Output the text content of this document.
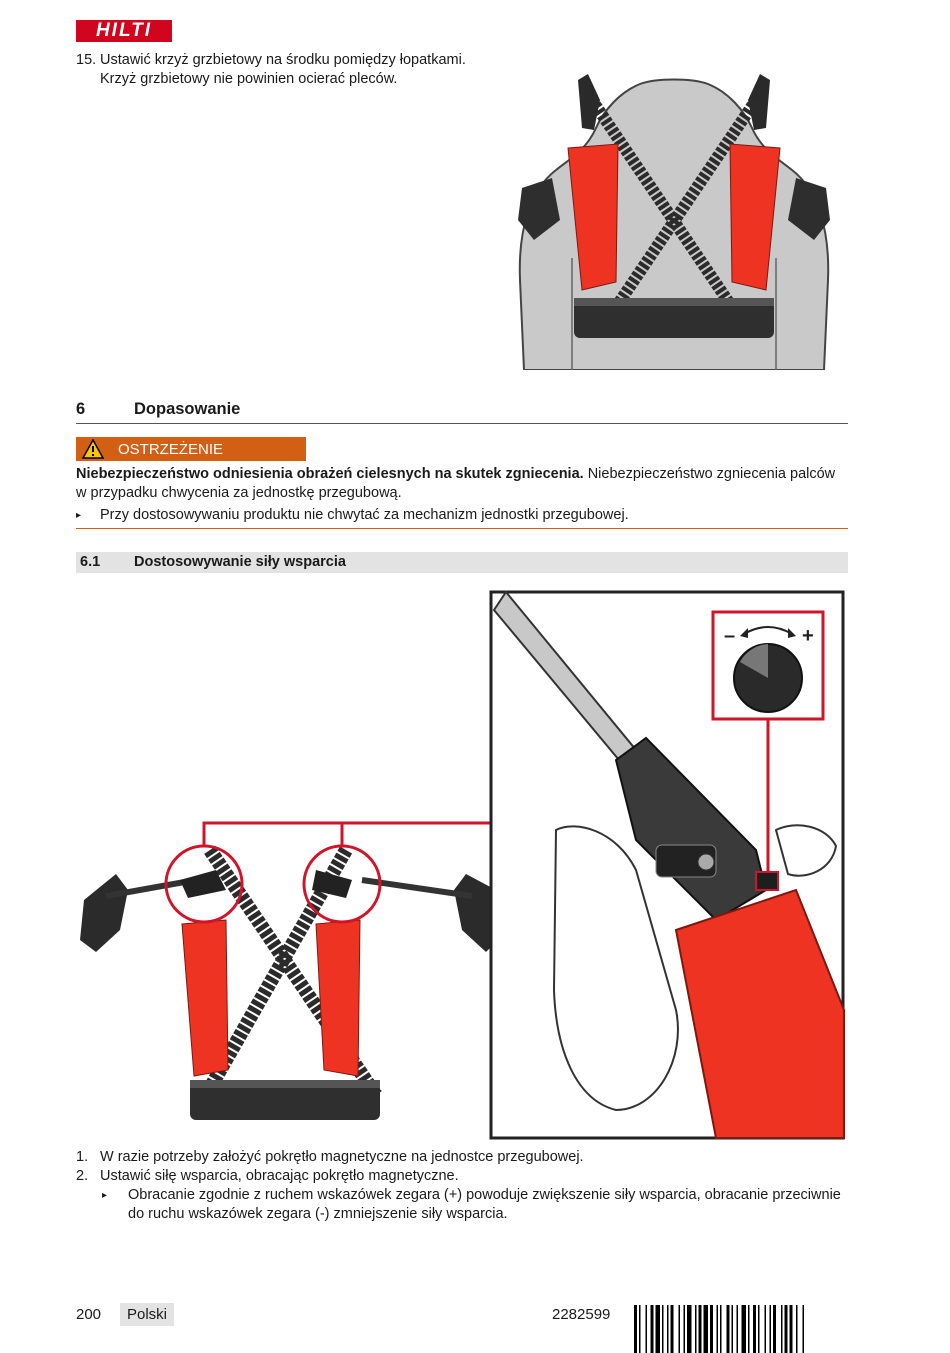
HILTI
15. Ustawić krzyż grzbietowy na środku pomiędzy łopatkami. Krzyż grzbietowy nie powinien ocierać pleców.
6	Dopasowanie
OSTRZEŻENIE
Niebezpieczeństwo odniesienia obrażeń cielesnych na skutek zgniecenia. Niebezpieczeństwo zgniecenia palców w przypadku chwycenia za jednostkę przegubową.
▸ Przy dostosowywaniu produktu nie chwytać za mechanizm jednostki przegubowej.
6.1 Dostosowywanie siły wsparcia
–	+
1. W razie potrzeby założyć pokrętło magnetyczne na jednostce przegubowej.
2. Ustawić siłę wsparcia, obracając pokrętło magnetyczne.
▸ Obracanie zgodnie z ruchem wskazówek zegara (+) powoduje zwiększenie siły wsparcia, obracanie przeciwnie do ruchu wskazówek zegara (-) zmniejszenie siły wsparcia.
200	Polski	2282599
